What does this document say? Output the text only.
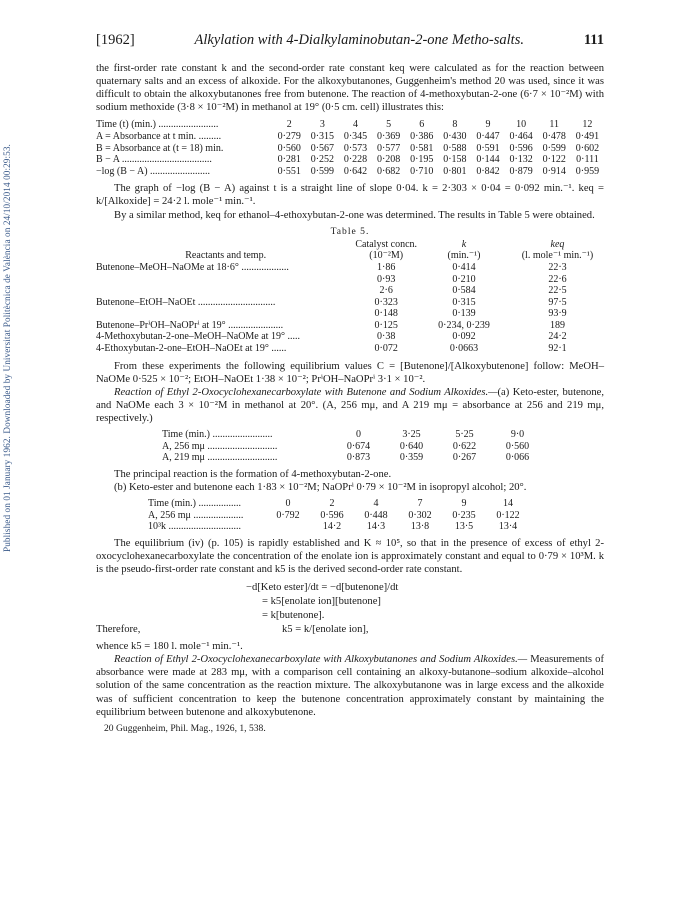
Published on 01 January 1962. Downloaded by Universitat Politècnica de València on 24/10/2014 00:29:53.
[1962]	Alkylation with 4-Dialkylaminobutan-2-one Metho-salts.	111

the first-order rate constant k and the second-order rate constant keq were calculated as for the reaction between quaternary salts and an excess of alkoxide. For the alkoxybutanones, Guggenheim's method 20 was used, since it was difficult to obtain the alkoxybutanones free from butenone. The reaction of 4-methoxybutan-2-one (6·7 × 10⁻²M) with sodium methoxide (3·8 × 10⁻²M) in methanol at 19° (0·5 cm. cell) illustrates this:

Time (t) (min.) ........................	2	3	4	5	6	8	9	10	11	12
A = Absorbance at t min. .........	0·279	0·315	0·345	0·369	0·386	0·430	0·447	0·464	0·478	0·491
B = Absorbance at (t = 18) min.	0·560	0·567	0·573	0·577	0·581	0·588	0·591	0·596	0·599	0·602
B − A ....................................	0·281	0·252	0·228	0·208	0·195	0·158	0·144	0·132	0·122	0·111
−log (B − A) ........................	0·551	0·599	0·642	0·682	0·710	0·801	0·842	0·879	0·914	0·959

The graph of −log (B − A) against t is a straight line of slope 0·04. k = 2·303 × 0·04 = 0·092 min.⁻¹. keq = k/[Alkoxide] = 24·2 l. mole⁻¹ min.⁻¹.

By a similar method, keq for ethanol–4-ethoxybutan-2-one was determined. The results in Table 5 were obtained.

Table 5.
	Catalyst concn.	k	keq
Reactants and temp.	(10⁻²M)	(min.⁻¹)	(l. mole⁻¹ min.⁻¹)
Butenone–MeOH–NaOMe at 18·6° ...................	1·86	0·414	22·3
	0·93	0·210	22·6
	2·6	0·584	22·5
Butenone–EtOH–NaOEt ...............................	0·323	0·315	97·5
	0·148	0·139	93·9
Butenone–PrⁱOH–NaOPrⁱ at 19° ......................	0·125	0·234, 0·239	189
4-Methoxybutan-2-one–MeOH–NaOMe at 19° .....	0·38	0·092	24·2
4-Ethoxybutan-2-one–EtOH–NaOEt at 19° ......	0·072	0·0663	92·1

From these experiments the following equilibrium values C = [Butenone]/[Alkoxybutenone] follow: MeOH–NaOMe 0·525 × 10⁻²; EtOH–NaOEt 1·38 × 10⁻²; PrⁱOH–NaOPrⁱ 3·1 × 10⁻².

Reaction of Ethyl 2-Oxocyclohexanecarboxylate with Butenone and Sodium Alkoxides.—(a) Keto-ester, butenone, and NaOMe each 3 × 10⁻²M in methanol at 20°. (A, 256 mμ, and A 219 mμ = absorbance at 256 and 219 mμ, respectively.)

Time (min.) ........................	0	3·25	5·25	9·0
A, 256 mμ ............................	0·674	0·640	0·622	0·560
A, 219 mμ ............................	0·873	0·359	0·267	0·066

The principal reaction is the formation of 4-methoxybutan-2-one.

(b) Keto-ester and butenone each 1·83 × 10⁻²M; NaOPrⁱ 0·79 × 10⁻²M in isopropyl alcohol; 20°.

Time (min.) .................	0	2	4	7	9	14
A, 256 mμ ....................	0·792	0·596	0·448	0·302	0·235	0·122
10³k .............................		14·2	14·3	13·8	13·5	13·4

The equilibrium (iv) (p. 105) is rapidly established and K ≈ 10⁵, so that in the presence of excess of ethyl 2-oxocyclohexanecarboxylate the concentration of the enolate ion is approximately constant and equal to 0·79 × 10³M. k is the pseudo-first-order rate constant and k5 is the derived second-order rate constant.

−d[Keto ester]/dt = −d[butenone]/dt
= k5[enolate ion][butenone]
= k[butenone].
Therefore,	k5 = k/[enolate ion],

whence k5 = 180 l. mole⁻¹ min.⁻¹.

Reaction of Ethyl 2-Oxocyclohexanecarboxylate with Alkoxybutanones and Sodium Alkoxides.— Measurements of absorbance were made at 283 mμ, with a comparison cell containing an alkoxy-butanone–sodium alkoxide–alcohol solution of the same concentration as the reaction mixture. The alkoxybutanone was in large excess and the alkoxide was of sufficient concentration to keep the butenone concentration approximately constant by maintaining the equilibrium between butenone and alkoxybutenone.

20 Guggenheim, Phil. Mag., 1926, 1, 538.
